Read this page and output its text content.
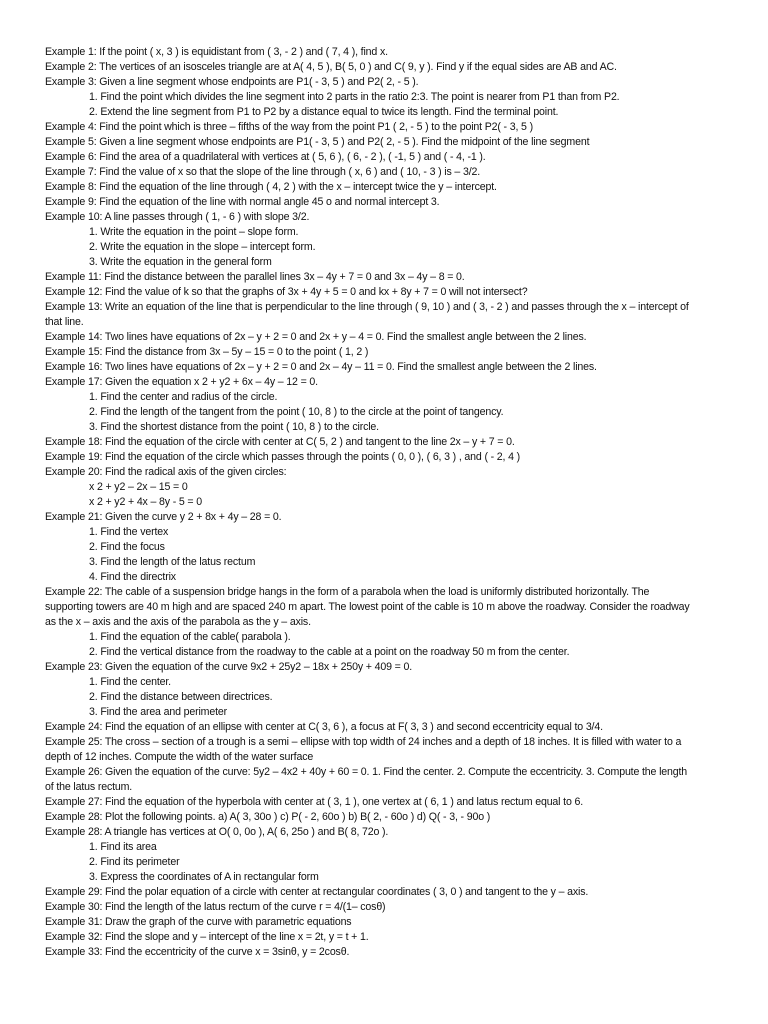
Example 1: If the point ( x, 3 ) is equidistant from ( 3, - 2 ) and ( 7, 4 ), find x.
Example 2: The vertices of an isosceles triangle are at A( 4, 5 ), B( 5, 0 ) and C( 9, y ). Find y if the equal sides are AB and AC.
Example 3: Given a line segment whose endpoints are P1( - 3, 5 ) and P2( 2, - 5 ).
1. Find the point which divides the line segment into 2 parts in the ratio 2:3. The point is nearer from P1 than from P2.
2. Extend the line segment from P1 to P2 by a distance equal to twice its length. Find the terminal point.
Example 4: Find the point which is three – fifths of the way from the point P1 ( 2, - 5 ) to the point P2( - 3, 5 )
Example 5: Given a line segment whose endpoints are P1( - 3, 5 ) and P2( 2, - 5 ). Find the midpoint of the line segment
Example 6: Find the area of a quadrilateral with vertices at ( 5, 6 ), ( 6, - 2 ), ( -1, 5 ) and ( - 4, -1 ).
Example 7: Find the value of x so that the slope of the line through ( x, 6 ) and ( 10, - 3 ) is – 3/2.
Example 8: Find the equation of the line through ( 4, 2 ) with the x – intercept twice the y – intercept.
Example 9: Find the equation of the line with normal angle 45 o and normal intercept 3.
Example 10: A line passes through ( 1, - 6 ) with slope 3/2.
1. Write the equation in the point – slope form.
2. Write the equation in the slope – intercept form.
3. Write the equation in the general form
Example 11: Find the distance between the parallel lines 3x – 4y + 7 = 0 and 3x – 4y – 8 = 0.
Example 12: Find the value of k so that the graphs of 3x + 4y + 5 = 0 and kx + 8y + 7 = 0 will not intersect?
Example 13: Write an equation of the line that is perpendicular to the line through ( 9, 10 ) and ( 3, - 2 ) and passes through the x – intercept of that line.
Example 14: Two lines have equations of 2x – y + 2 = 0 and 2x + y – 4 = 0. Find the smallest angle between the 2 lines.
Example 15: Find the distance from 3x – 5y – 15 = 0 to the point ( 1, 2 )
Example 16: Two lines have equations of 2x – y + 2 = 0 and 2x – 4y – 11 = 0. Find the smallest angle between the 2 lines.
Example 17: Given the equation x 2 + y2 + 6x – 4y – 12 = 0.
1. Find the center and radius of the circle.
2. Find the length of the tangent from the point ( 10, 8 ) to the circle at the point of tangency.
3. Find the shortest distance from the point ( 10, 8 ) to the circle.
Example 18: Find the equation of the circle with center at C( 5, 2 ) and tangent to the line 2x – y + 7 = 0.
Example 19: Find the equation of the circle which passes through the points ( 0, 0 ), ( 6, 3 ) , and ( - 2, 4 )
Example 20: Find the radical axis of the given circles:
x 2 + y2 – 2x – 15 = 0
x 2 + y2 + 4x – 8y - 5 = 0
Example 21: Given the curve y 2 + 8x + 4y – 28 = 0.
1. Find the vertex
2. Find the focus
3. Find the length of the latus rectum
4. Find the directrix
Example 22: The cable of a suspension bridge hangs in the form of a parabola when the load is uniformly distributed horizontally. The supporting towers are 40 m high and are spaced 240 m apart. The lowest point of the cable is 10 m above the roadway. Consider the roadway as the x – axis and the axis of the parabola as the y – axis.
1. Find the equation of the cable( parabola ).
2. Find the vertical distance from the roadway to the cable at a point on the roadway 50 m from the center.
Example 23: Given the equation of the curve 9x2 + 25y2 – 18x + 250y + 409 = 0.
1. Find the center.
2. Find the distance between directrices.
3. Find the area and perimeter
Example 24: Find the equation of an ellipse with center at C( 3, 6 ), a focus at F( 3, 3 ) and second eccentricity equal to 3/4.
Example 25: The cross – section of a trough is a semi – ellipse with top width of 24 inches and a depth of 18 inches. It is filled with water to a depth of 12 inches. Compute the width of the water surface
Example 26: Given the equation of the curve: 5y2 – 4x2 + 40y + 60 = 0. 1. Find the center. 2. Compute the eccentricity. 3. Compute the length of the latus rectum.
Example 27: Find the equation of the hyperbola with center at ( 3, 1 ), one vertex at ( 6, 1 ) and latus rectum equal to 6.
Example 28: Plot the following points. a) A( 3, 30o ) c) P( - 2, 60o ) b) B( 2, - 60o ) d) Q( - 3, - 90o )
Example 28: A triangle has vertices at O( 0, 0o ), A( 6, 25o ) and B( 8, 72o ).
1. Find its area
2. Find its perimeter
3. Express the coordinates of A in rectangular form
Example 29: Find the polar equation of a circle with center at rectangular coordinates ( 3, 0 ) and tangent to the y – axis.
Example 30: Find the length of the latus rectum of the curve r = 4/(1– cosθ)
Example 31: Draw the graph of the curve with parametric equations
Example 32: Find the slope and y – intercept of the line x = 2t, y = t + 1.
Example 33: Find the eccentricity of the curve x = 3sinθ, y = 2cosθ.
